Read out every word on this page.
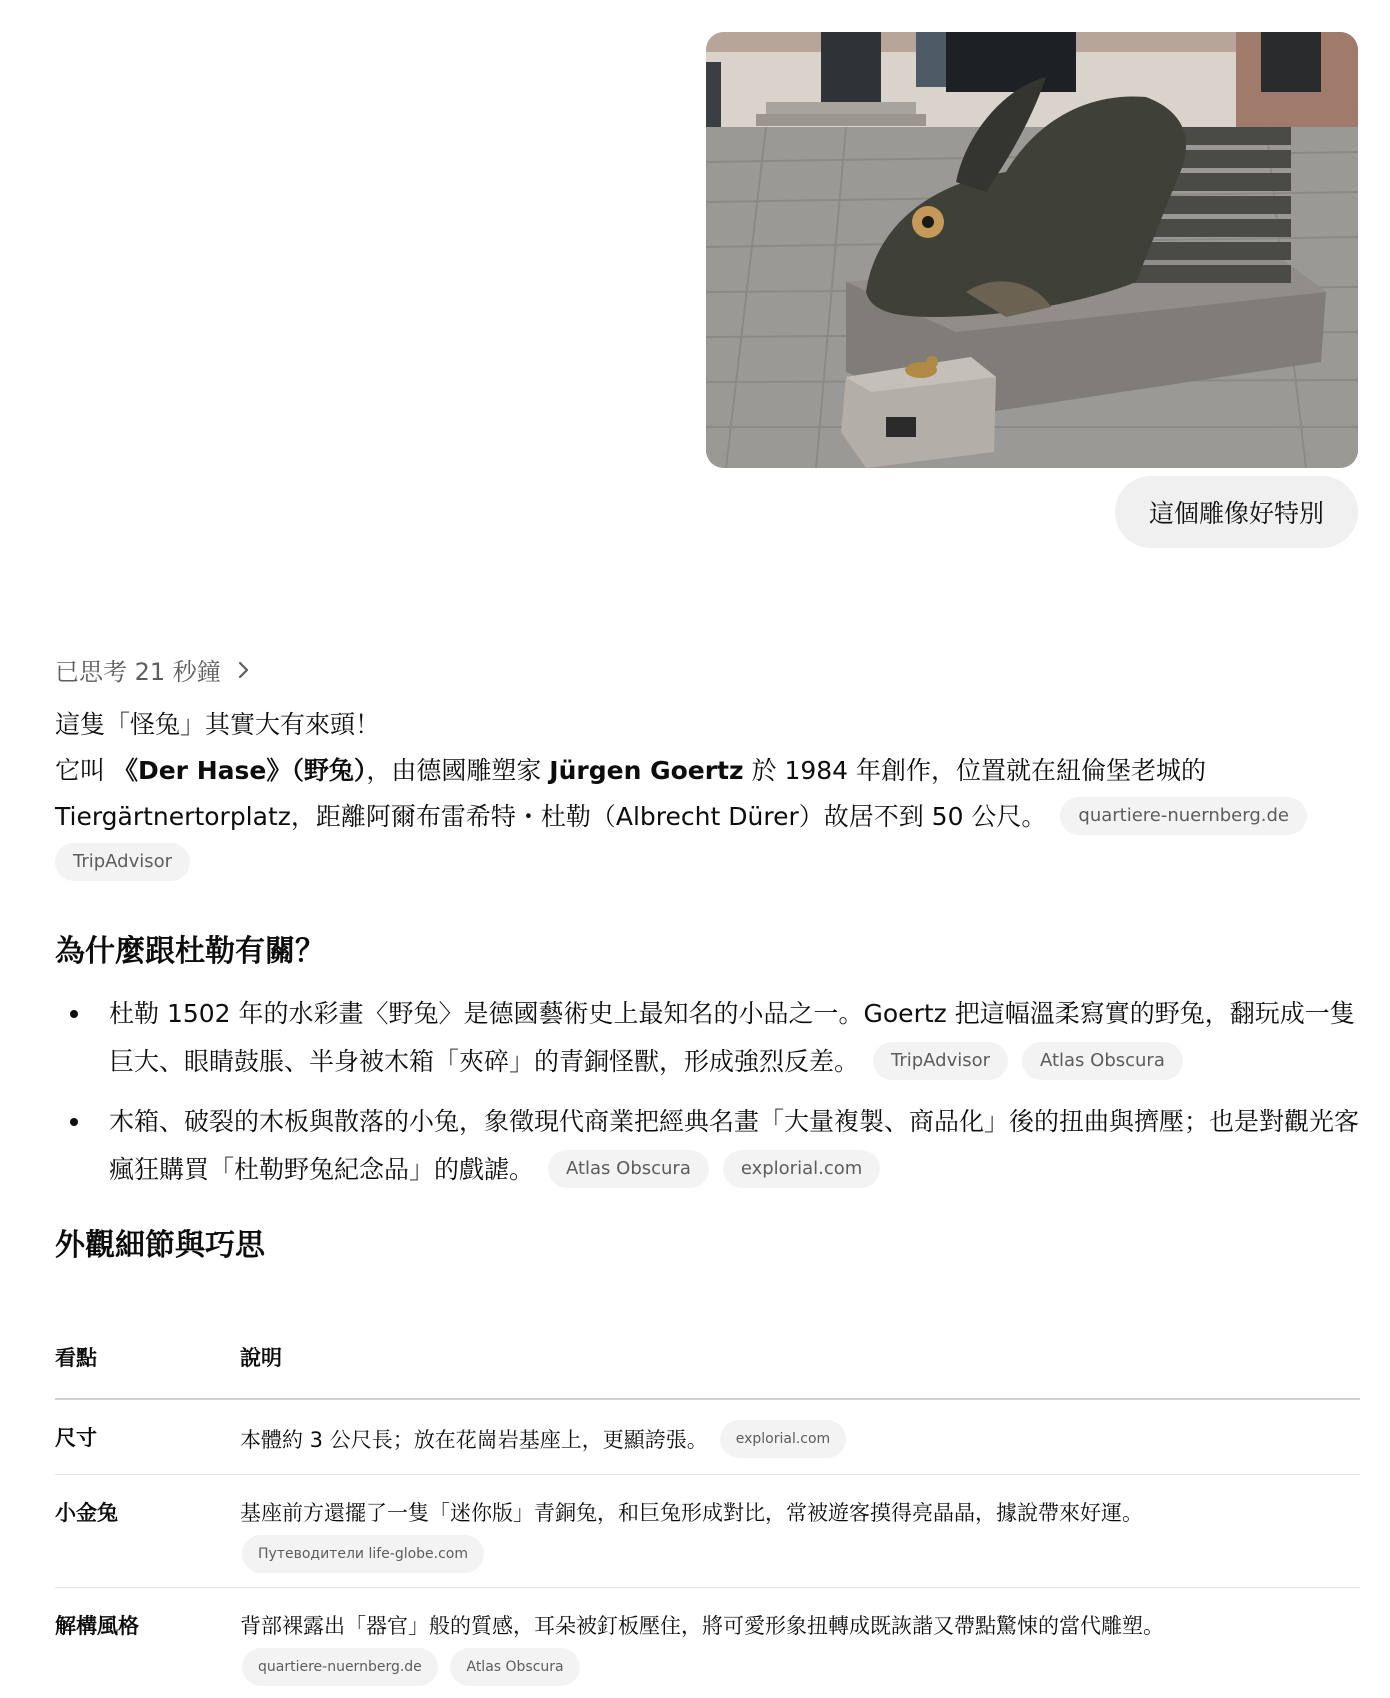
這個雕像好特別
已思考 21 秒鐘

這隻「怪兔」其實大有來頭！

它叫 《Der Hase》（野兔），由德國雕塑家 Jürgen Goertz 於 1984 年創作，位置就在紐倫堡老城的 Tiergärtnertorplatz，距離阿爾布雷希特・杜勒（Albrecht Dürer）故居不到 50 公尺。 quartiere-nuernberg.de TripAdvisor

為什麼跟杜勒有關？
杜勒 1502 年的水彩畫〈野兔〉是德國藝術史上最知名的小品之一。Goertz 把這幅溫柔寫實的野兔，翻玩成一隻巨大、眼睛鼓脹、半身被木箱「夾碎」的青銅怪獸，形成強烈反差。 TripAdvisor	Atlas Obscura
木箱、破裂的木板與散落的小兔，象徵現代商業把經典名畫「大量複製、商品化」後的扭曲與擠壓；也是對觀光客瘋狂購買「杜勒野兔紀念品」的戲謔。 Atlas Obscura	explorial.com
外觀細節與巧思
看點	說明
尺寸	本體約 3 公尺長；放在花崗岩基座上，更顯誇張。 explorial.com
小金兔	基座前方還擺了一隻「迷你版」青銅兔，和巨兔形成對比，常被遊客摸得亮晶晶，據說帶來好運。
Путеводители life-globe.com

解構風格	背部裸露出「器官」般的質感，耳朵被釘板壓住，將可愛形象扭轉成既詼諧又帶點驚悚的當代雕塑。
quartiere-nuernberg.de Atlas Obscura
